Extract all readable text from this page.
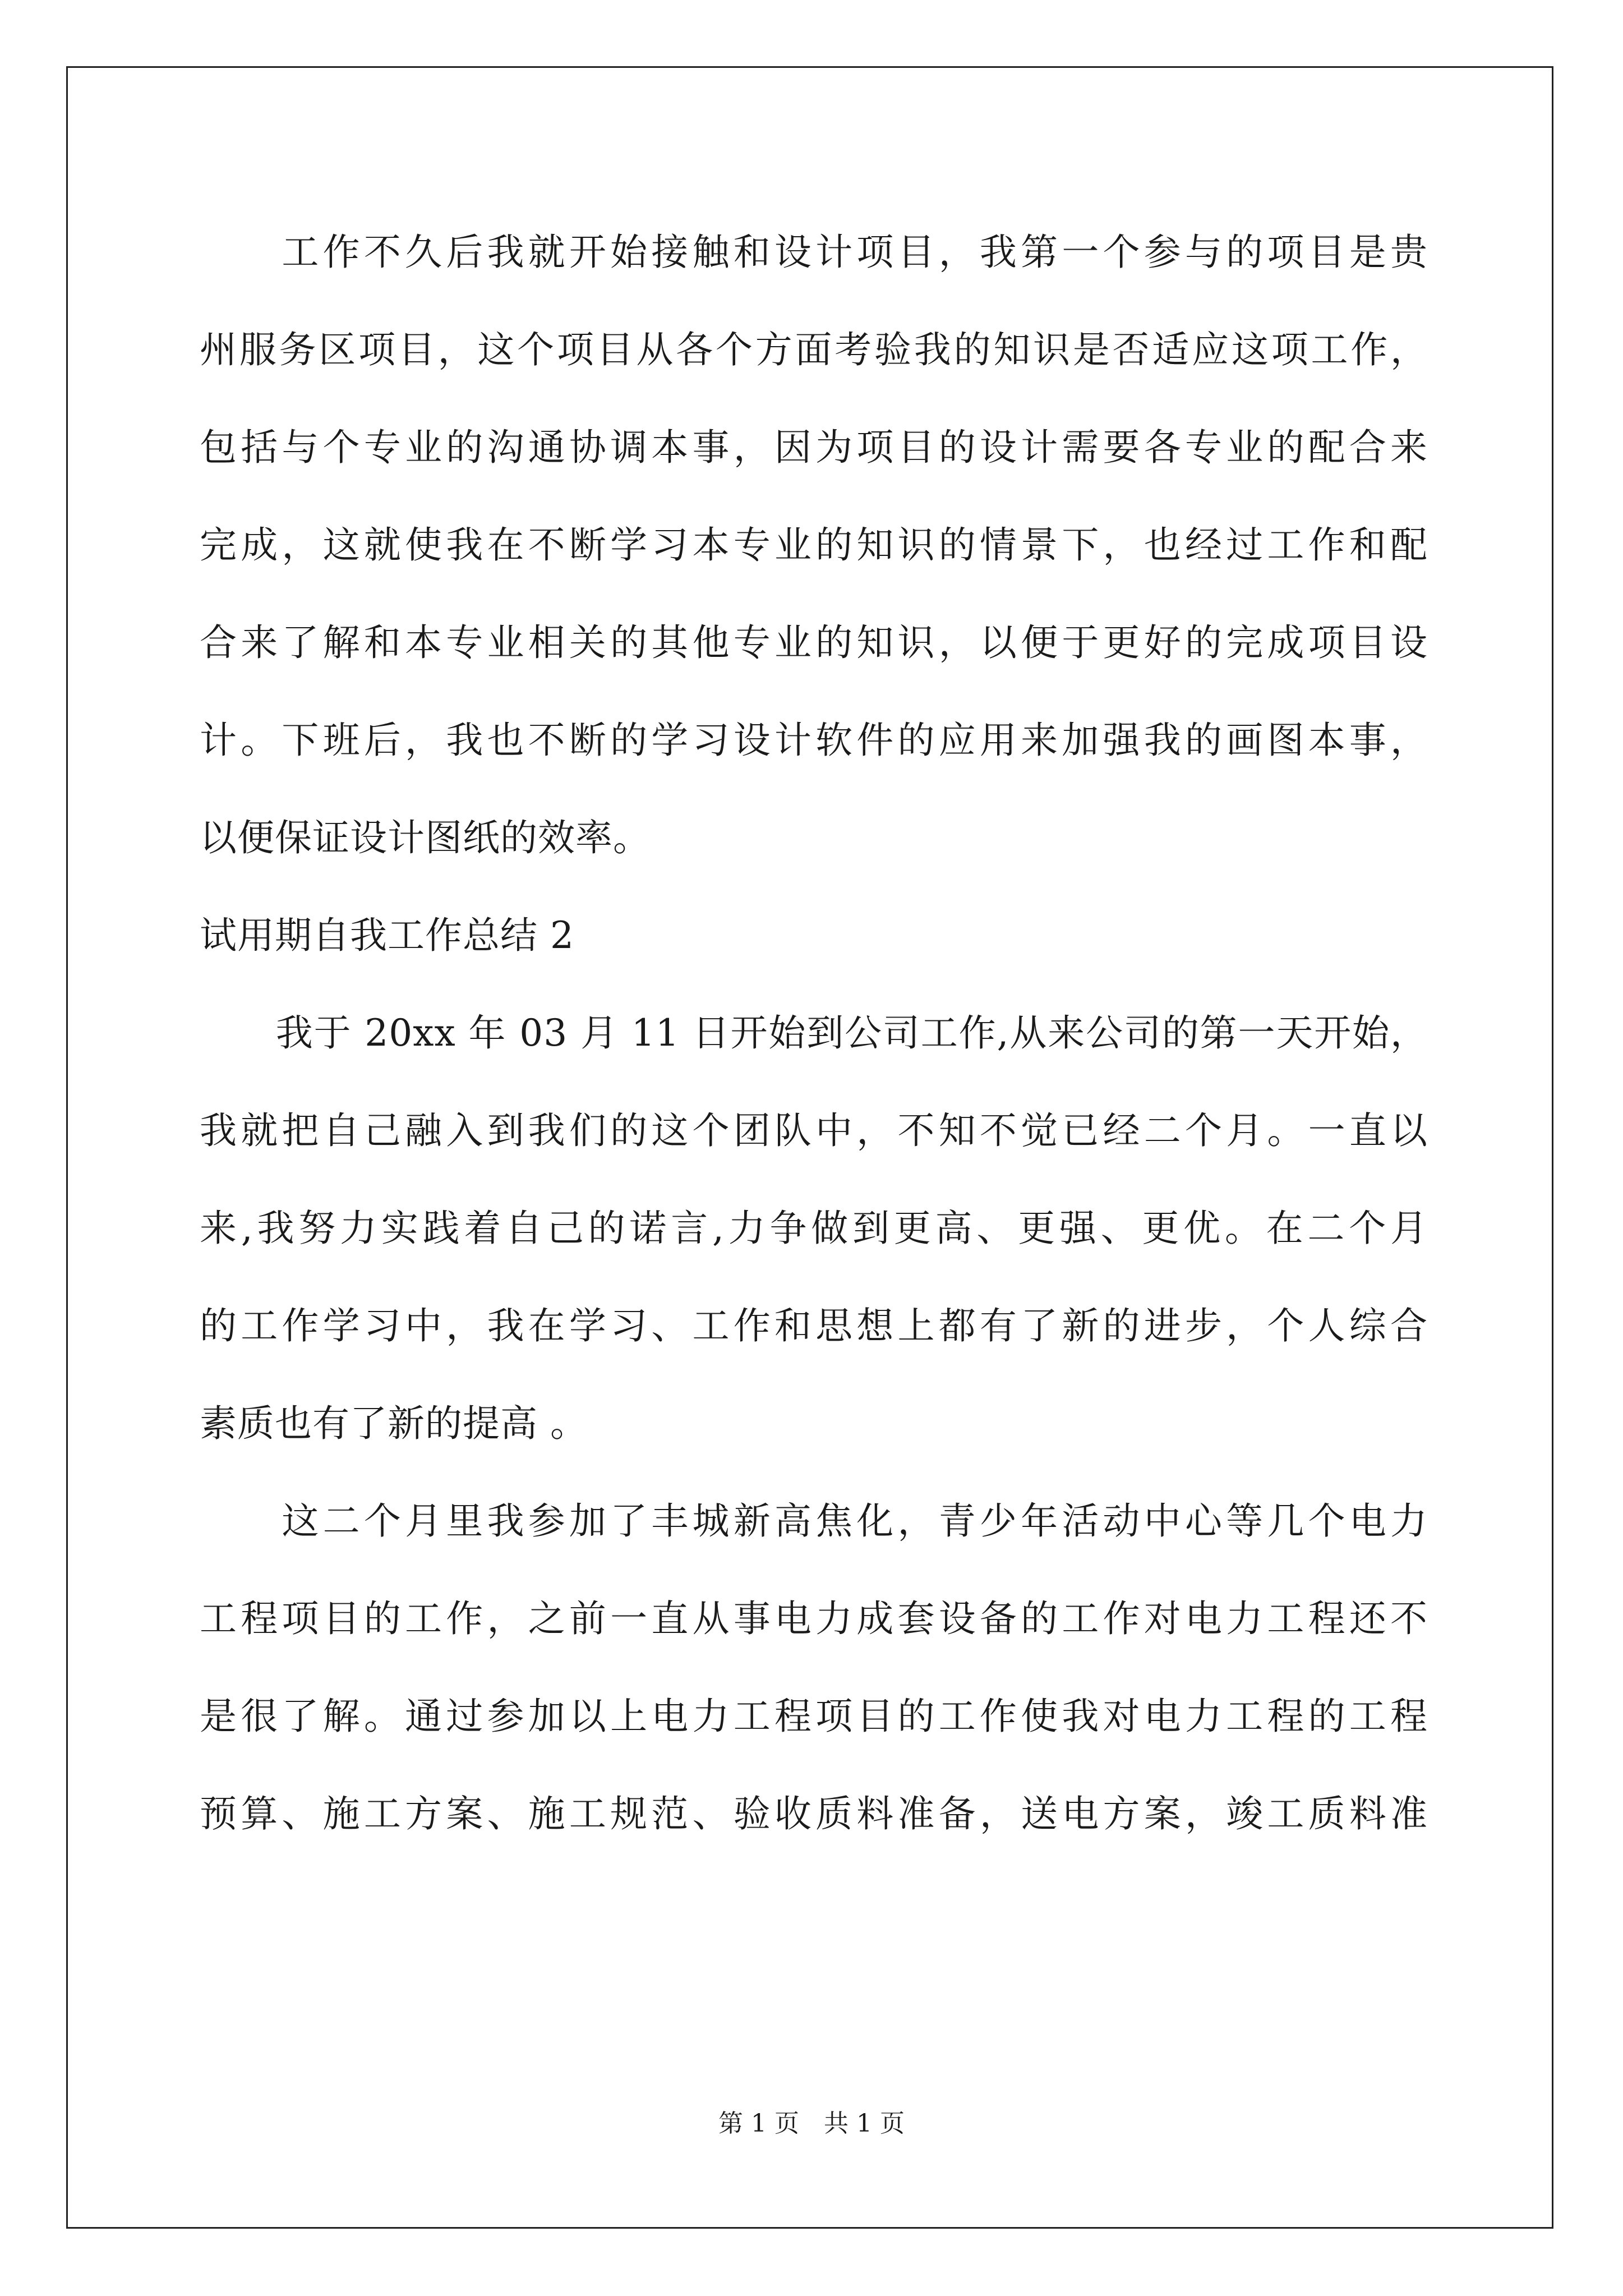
　　工作不久后我就开始接触和设计项目，我第一个参与的项目是贵
州服务区项目，这个项目从各个方面考验我的知识是否适应这项工作，
包括与个专业的沟通协调本事，因为项目的设计需要各专业的配合来
完成，这就使我在不断学习本专业的知识的情景下，也经过工作和配
合来了解和本专业相关的其他专业的知识，以便于更好的完成项目设
计。下班后，我也不断的学习设计软件的应用来加强我的画图本事，
以便保证设计图纸的效率。
试用期自我工作总结 2
　　我于 20xx 年 03 月 11 日开始到公司工作,从来公司的第一天开始，
我就把自己融入到我们的这个团队中，不知不觉已经二个月。一直以
来,我努力实践着自己的诺言,力争做到更高、更强、更优。在二个月
的工作学习中，我在学习、工作和思想上都有了新的进步，个人综合
素质也有了新的提高 。
　　这二个月里我参加了丰城新高焦化，青少年活动中心等几个电力
工程项目的工作，之前一直从事电力成套设备的工作对电力工程还不
是很了解。通过参加以上电力工程项目的工作使我对电力工程的工程
预算、施工方案、施工规范、验收质料准备，送电方案，竣工质料准
第 1 页　共 1 页
